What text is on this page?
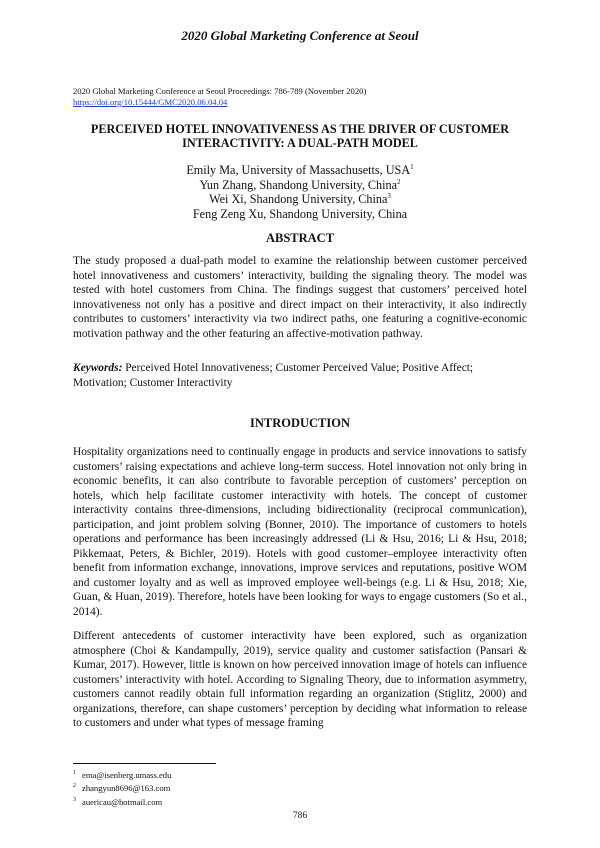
2020 Global Marketing Conference at Seoul
2020 Global Marketing Conference at Seoul Proceedings: 786-789 (November 2020)
https://doi.org/10.15444/GMC2020.06.04.04
PERCEIVED HOTEL INNOVATIVENESS AS THE DRIVER OF CUSTOMER
INTERACTIVITY: A DUAL-PATH MODEL
Emily Ma, University of Massachusetts, USA$^1$
Yun Zhang, Shandong University, China$^2$
Wei Xi, Shandong University, China$^3$
Feng Zeng Xu, Shandong University, China
ABSTRACT
The study proposed a dual-path model to examine the relationship between customer perceived hotel innovativeness and customers’ interactivity, building the signaling theory. The model was tested with hotel customers from China. The findings suggest that customers’ perceived hotel innovativeness not only has a positive and direct impact on their interactivity, it also indirectly contributes to customers’ interactivity via two indirect paths, one featuring a cognitive-economic motivation pathway and the other featuring an affective-motivation pathway.
Keywords: Perceived Hotel Innovativeness; Customer Perceived Value; Positive Affect; Motivation; Customer Interactivity
INTRODUCTION
Hospitality organizations need to continually engage in products and service innovations to satisfy customers’ raising expectations and achieve long-term success. Hotel innovation not only bring in economic benefits, it can also contribute to favorable perception of customers’ perception on hotels, which help facilitate customer interactivity with hotels. The concept of customer interactivity contains three-dimensions, including bidirectionality (reciprocal communication), participation, and joint problem solving (Bonner, 2010). The importance of customers to hotels operations and performance has been increasingly addressed (Li & Hsu, 2016; Li & Hsu, 2018; Pikkemaat, Peters, & Bichler, 2019). Hotels with good customer–employee interactivity often benefit from information exchange, innovations, improve services and reputations, positive WOM and customer loyalty and as well as improved employee well-beings (e.g. Li & Hsu, 2018; Xie, Guan, & Huan, 2019). Therefore, hotels have been looking for ways to engage customers (So et al., 2014).
Different antecedents of customer interactivity have been explored, such as organization atmosphere (Choi & Kandampully, 2019), service quality and customer satisfaction (Pansari & Kumar, 2017). However, little is known on how perceived innovation image of hotels can influence customers’ interactivity with hotel. According to Signaling Theory, due to information asymmetry, customers cannot readily obtain full information regarding an organization (Stiglitz, 2000) and organizations, therefore, can shape customers’ perception by deciding what information to release to customers and under what types of message framing
$^1$ ema@isenberg.umass.edu
$^2$ zhangyun8696@163.com
$^3$ auericau@hotmail.com
786
